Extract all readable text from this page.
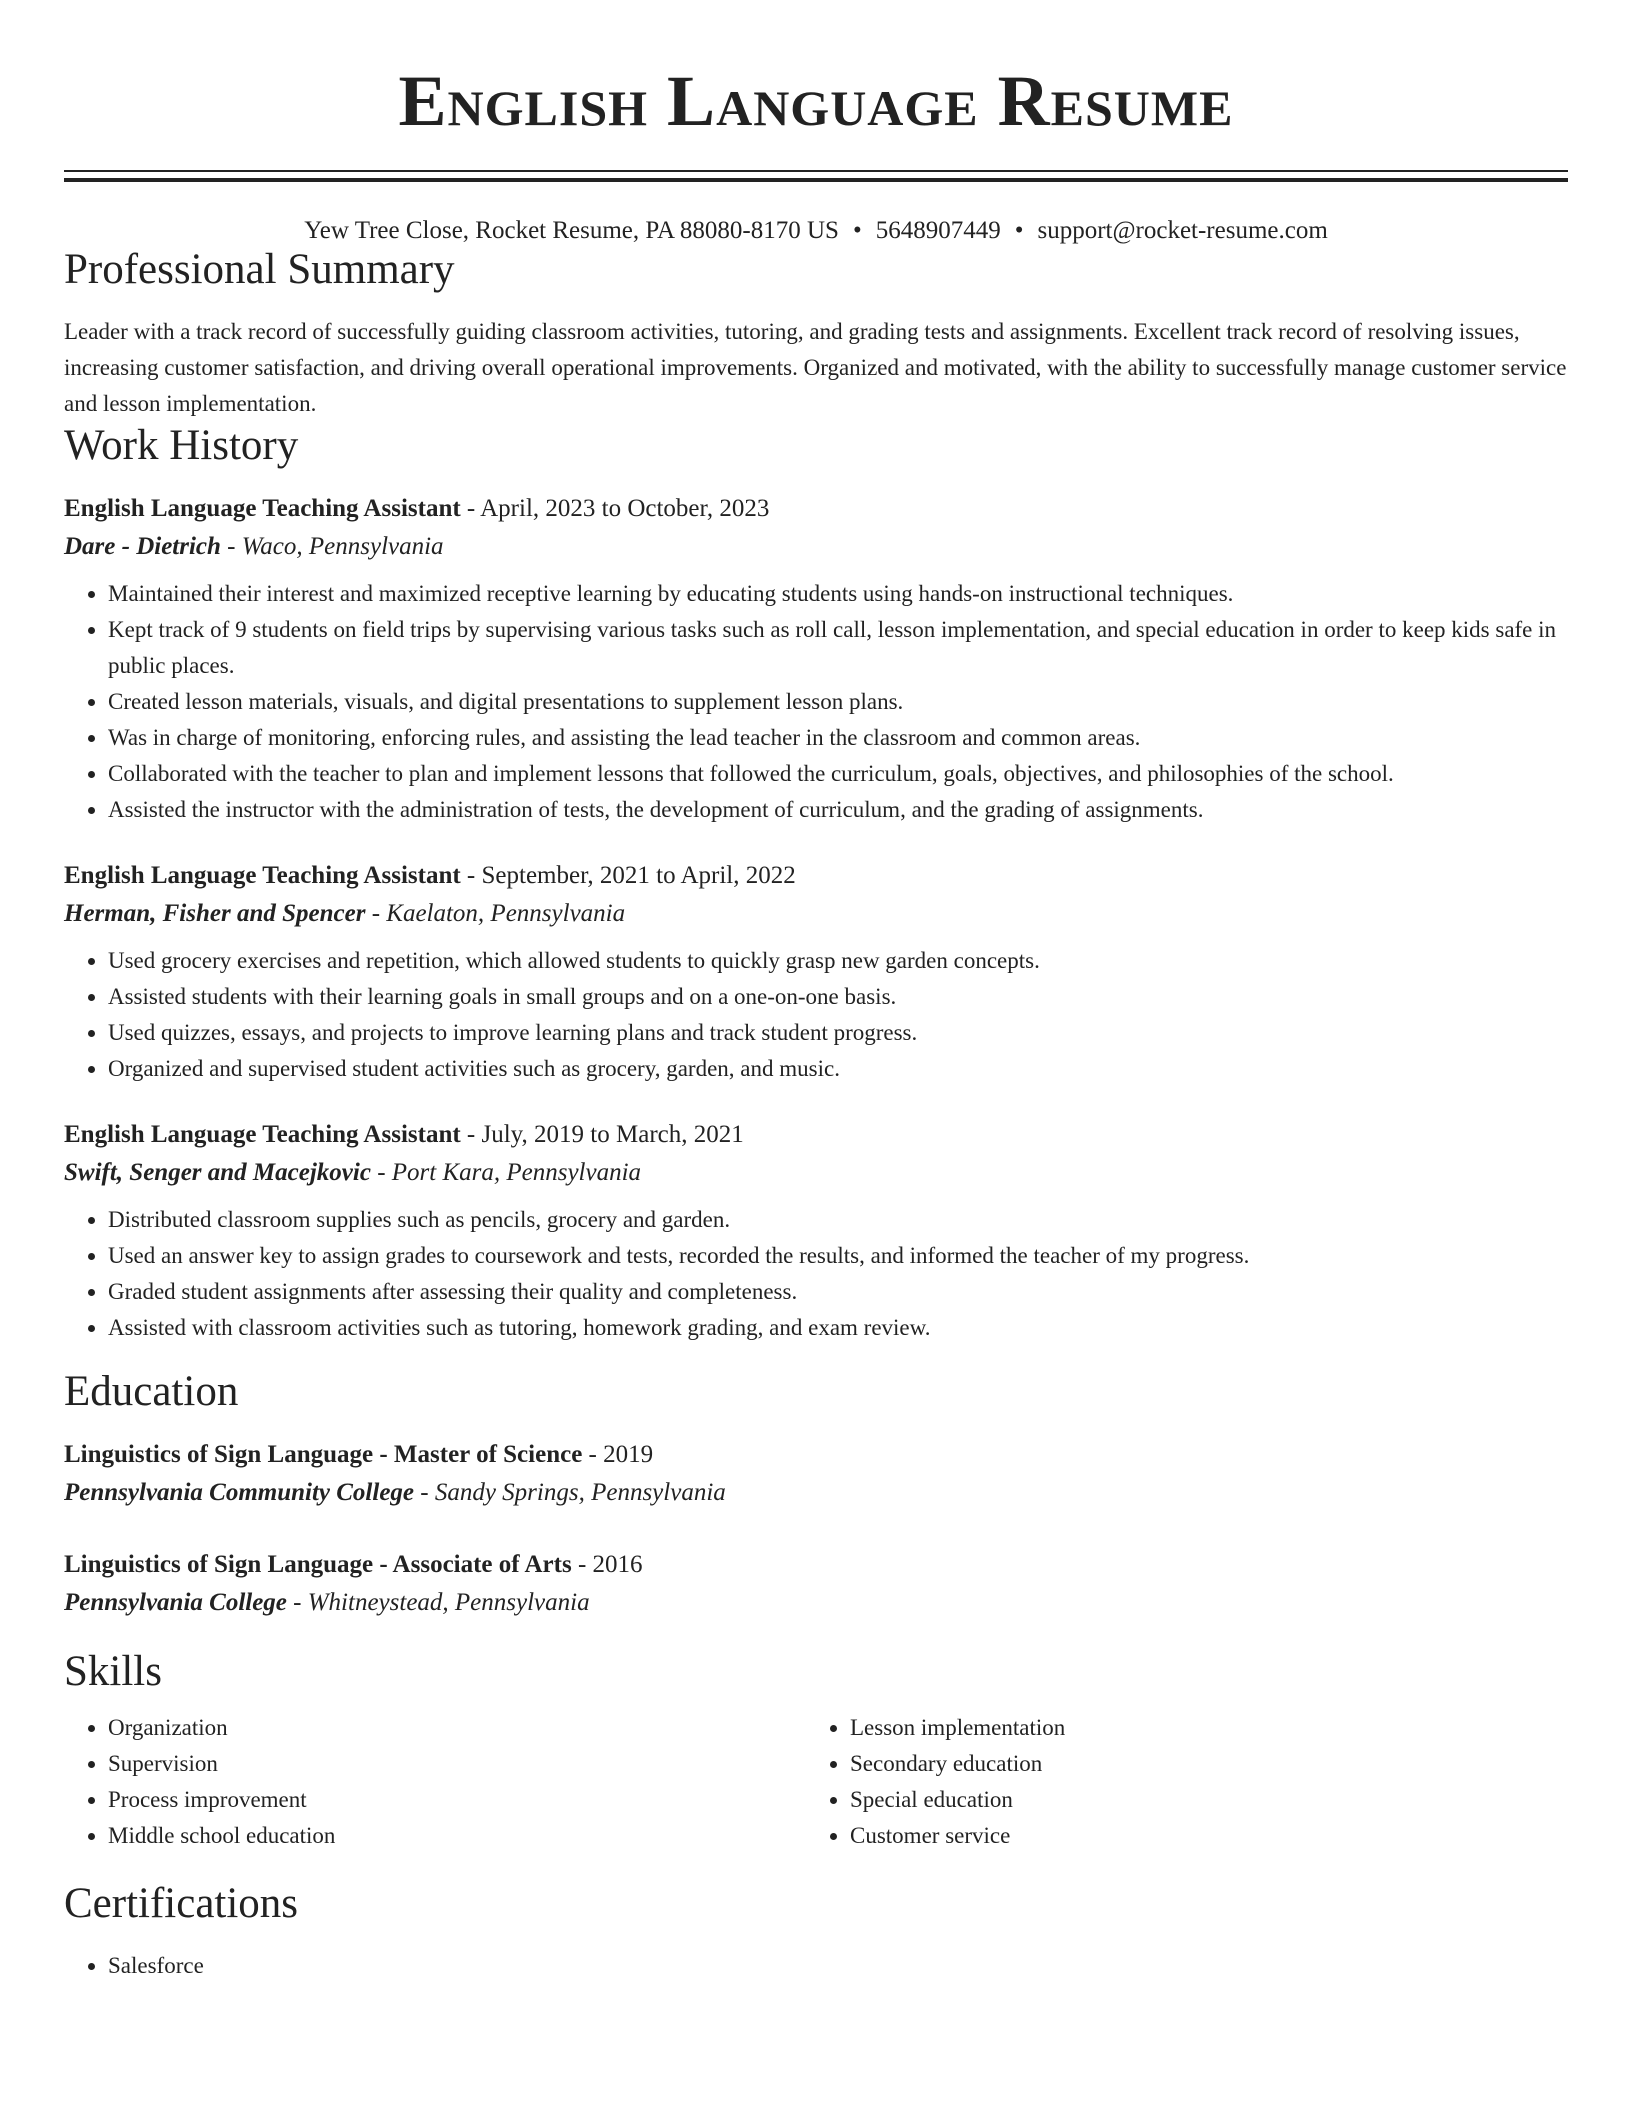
English Language Resume
Yew Tree Close, Rocket Resume, PA 88080-8170 US • 5648907449 • support@rocket-resume.com
Professional Summary
Leader with a track record of successfully guiding classroom activities, tutoring, and grading tests and assignments. Excellent track record of resolving issues, increasing customer satisfaction, and driving overall operational improvements. Organized and motivated, with the ability to successfully manage customer service and lesson implementation.
Work History
English Language Teaching Assistant - April, 2023 to October, 2023
Dare - Dietrich - Waco, Pennsylvania
• Maintained their interest and maximized receptive learning by educating students using hands-on instructional techniques.
• Kept track of 9 students on field trips by supervising various tasks such as roll call, lesson implementation, and special education in order to keep kids safe in public places.
• Created lesson materials, visuals, and digital presentations to supplement lesson plans.
• Was in charge of monitoring, enforcing rules, and assisting the lead teacher in the classroom and common areas.
• Collaborated with the teacher to plan and implement lessons that followed the curriculum, goals, objectives, and philosophies of the school.
• Assisted the instructor with the administration of tests, the development of curriculum, and the grading of assignments.
English Language Teaching Assistant - September, 2021 to April, 2022
Herman, Fisher and Spencer - Kaelaton, Pennsylvania
• Used grocery exercises and repetition, which allowed students to quickly grasp new garden concepts.
• Assisted students with their learning goals in small groups and on a one-on-one basis.
• Used quizzes, essays, and projects to improve learning plans and track student progress.
• Organized and supervised student activities such as grocery, garden, and music.
English Language Teaching Assistant - July, 2019 to March, 2021
Swift, Senger and Macejkovic - Port Kara, Pennsylvania
• Distributed classroom supplies such as pencils, grocery and garden.
• Used an answer key to assign grades to coursework and tests, recorded the results, and informed the teacher of my progress.
• Graded student assignments after assessing their quality and completeness.
• Assisted with classroom activities such as tutoring, homework grading, and exam review.
Education
Linguistics of Sign Language - Master of Science - 2019
Pennsylvania Community College - Sandy Springs, Pennsylvania
Linguistics of Sign Language - Associate of Arts - 2016
Pennsylvania College - Whitneystead, Pennsylvania
Skills
• Organization
• Supervision
• Process improvement
• Middle school education
• Lesson implementation
• Secondary education
• Special education
• Customer service
Certifications
• Salesforce
